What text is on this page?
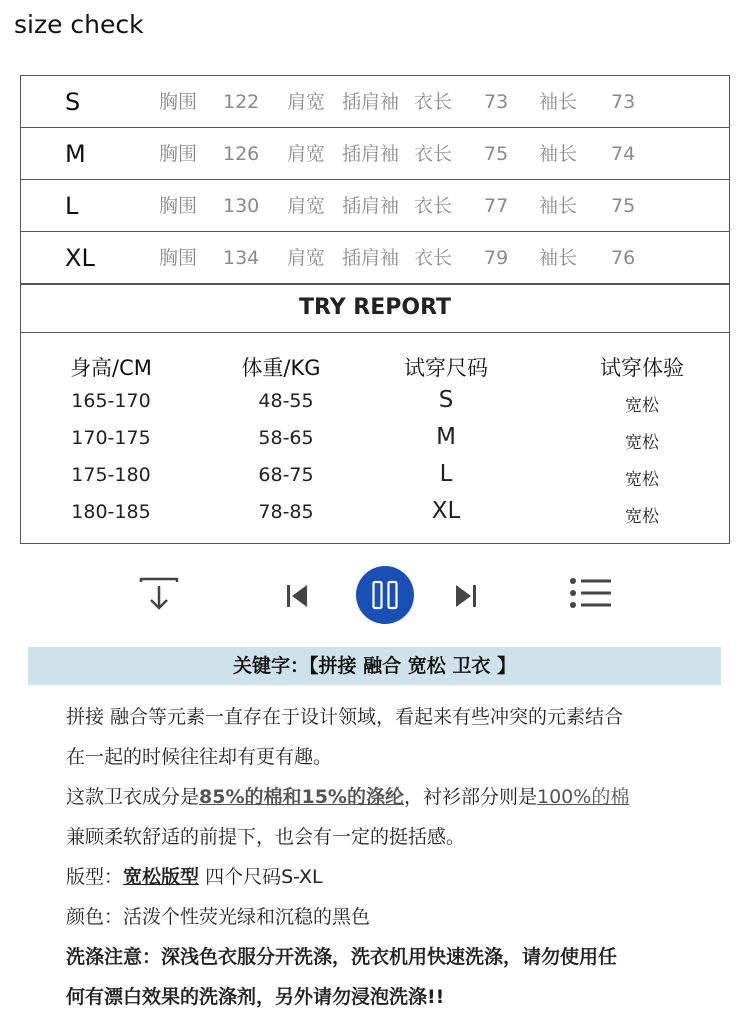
size check
S	胸围 122 肩宽 插肩袖 衣长 73 袖长 73
M	胸围 126 肩宽 插肩袖 衣长 75 袖长 74
L	胸围 130 肩宽 插肩袖 衣长 77 袖长 75
XL	胸围 134 肩宽 插肩袖 衣长 79 袖长 76
TRY REPORT
身高/CM	体重/KG	试穿尺码	试穿体验
165-170	48-55	S	宽松
170-175	58-65	M	宽松
175-180	68-75	L	宽松
180-185	78-85	XL	宽松
关键字：【拼接 融合 宽松 卫衣 】
拼接 融合等元素一直存在于设计领域，看起来有些冲突的元素结合
在一起的时候往往却有更有趣。
这款卫衣成分是85%的棉和15%的涤纶，衬衫部分则是100%的棉
兼顾柔软舒适的前提下，也会有一定的挺括感。
版型：宽松版型 四个尺码S-XL
颜色：活泼个性荧光绿和沉稳的黑色
洗涤注意：深浅色衣服分开洗涤，洗衣机用快速洗涤，请勿使用任
何有漂白效果的洗涤剂，另外请勿浸泡洗涤!!
